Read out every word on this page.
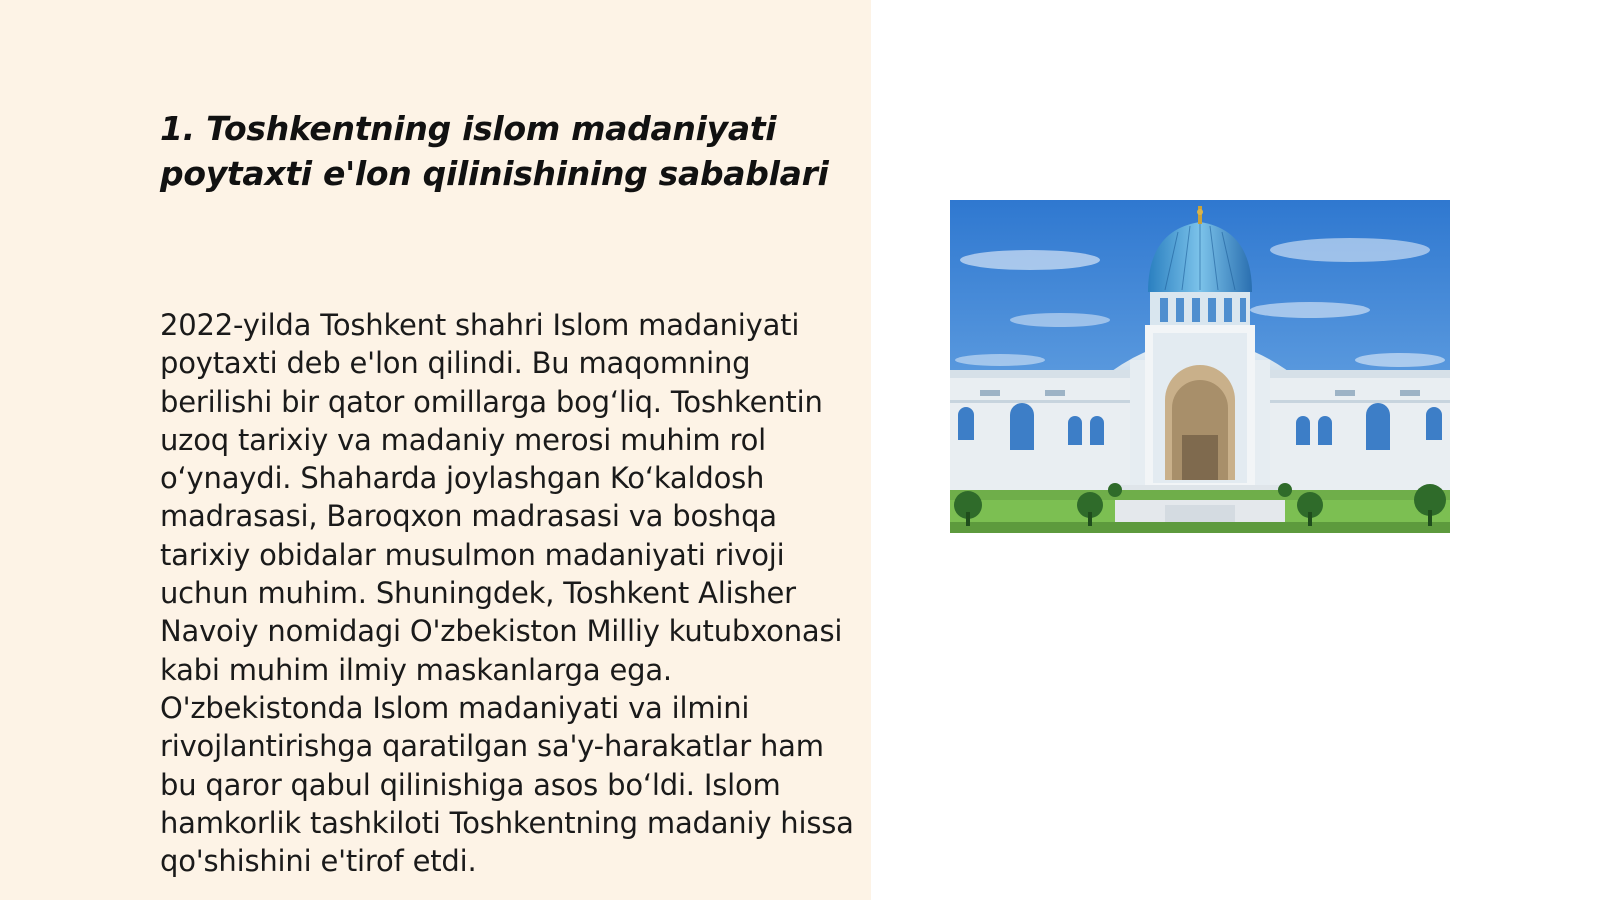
1. Toshkentning islom madaniyati poytaxti e'lon qilinishining sabablari

2022-yilda Toshkent shahri Islom madaniyati poytaxti deb e'lon qilindi. Bu maqomning berilishi bir qator omillarga bog‘liq. Toshkentin uzoq tarixiy va madaniy merosi muhim rol o‘ynaydi. Shaharda joylashgan Ko‘kaldosh madrasasi, Baroqxon madrasasi va boshqa tarixiy obidalar musulmon madaniyati rivoji uchun muhim. Shuningdek, Toshkent Alisher Navoiy nomidagi O'zbekiston Milliy kutubxonasi kabi muhim ilmiy maskanlarga ega. O'zbekistonda Islom madaniyati va ilmini rivojlantirishga qaratilgan sa'y-harakatlar ham bu qaror qabul qilinishiga asos bo‘ldi. Islom hamkorlik tashkiloti Toshkentning madaniy hissa qo'shishini e'tirof etdi.
